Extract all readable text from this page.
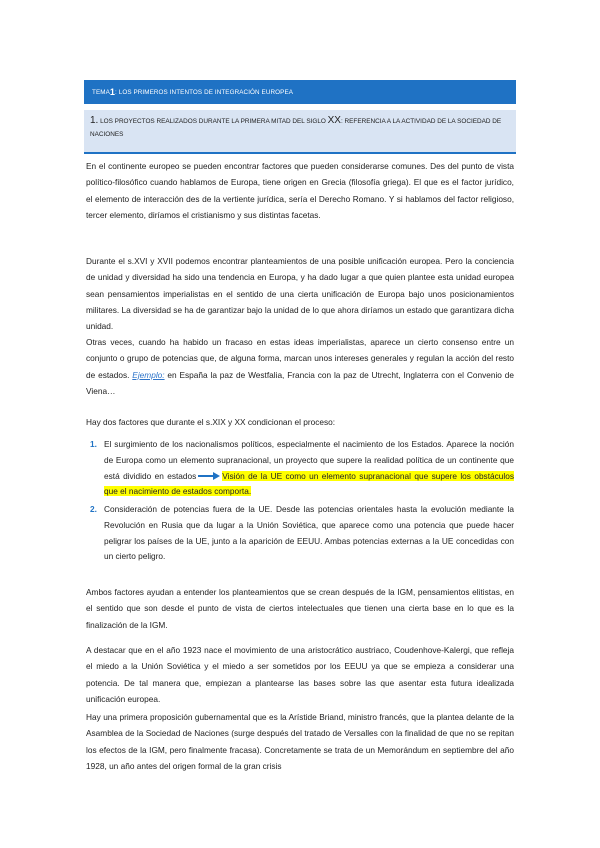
TEMA 1 : LOS PRIMEROS INTENTOS DE INTEGRACIÓN EUROPEA
1. LOS PROYECTOS REALIZADOS DURANTE LA PRIMERA MITAD DEL SIGLO XX: REFERENCIA A LA ACTIVIDAD DE LA SOCIEDAD DE NACIONES

En el continente europeo se pueden encontrar factores que pueden considerarse comunes. Des del punto de vista político-filosófico cuando hablamos de Europa, tiene origen en Grecia (filosofía griega). El que es el factor jurídico, el elemento de interacción des de la vertiente jurídica, sería el Derecho Romano. Y si hablamos del factor religioso, tercer elemento, diríamos el cristianismo y sus distintas facetas.

Durante el s.XVI y XVII podemos encontrar planteamientos de una posible unificación europea. Pero la conciencia de unidad y diversidad ha sido una tendencia en Europa, y ha dado lugar a que quien plantee esta unidad europea sean pensamientos imperialistas en el sentido de una cierta unificación de Europa bajo unos posicionamientos militares. La diversidad se ha de garantizar bajo la unidad de lo que ahora diríamos un estado que garantizara dicha unidad.

Otras veces, cuando ha habido un fracaso en estas ideas imperialistas, aparece un cierto consenso entre un conjunto o grupo de potencias que, de alguna forma, marcan unos intereses generales y regulan la acción del resto de estados. Ejemplo: en España la paz de Westfalia, Francia con la paz de Utrecht, Inglaterra con el Convenio de Viena…

Hay dos factores que durante el s.XIX y XX condicionan el proceso:

1. El surgimiento de los nacionalismos políticos, especialmente el nacimiento de los Estados. Aparece la noción de Europa como un elemento supranacional, un proyecto que supere la realidad política de un continente que está dividido en estados	Visión de la UE como un elemento supranacional que supere los obstáculos que el nacimiento de estados comporta.
2. Consideración de potencias fuera de la UE. Desde las potencias orientales hasta la evolución mediante la Revolución en Rusia que da lugar a la Unión Soviética, que aparece como una potencia que puede hacer peligrar los países de la UE, junto a la aparición de EEUU. Ambas potencias externas a la UE concedidas con un cierto peligro.

Ambos factores ayudan a entender los planteamientos que se crean después de la IGM, pensamientos elitistas, en el sentido que son desde el punto de vista de ciertos intelectuales que tienen una cierta base en lo que es la finalización de la IGM.

A destacar que en el año 1923 nace el movimiento de una aristocrático austriaco, Coudenhove-Kalergi, que refleja el miedo a la Unión Soviética y el miedo a ser sometidos por los EEUU ya que se empieza a considerar una potencia. De tal manera que, empiezan a plantearse las bases sobre las que asentar esta futura idealizada unificación europea.

Hay una primera proposición gubernamental que es la Arístide Briand, ministro francés, que la plantea delante de la Asamblea de la Sociedad de Naciones (surge después del tratado de Versalles con la finalidad de que no se repitan los efectos de la IGM, pero finalmente fracasa). Concretamente se trata de un Memorándum en septiembre del año 1928, un año antes del origen formal de la gran crisis
